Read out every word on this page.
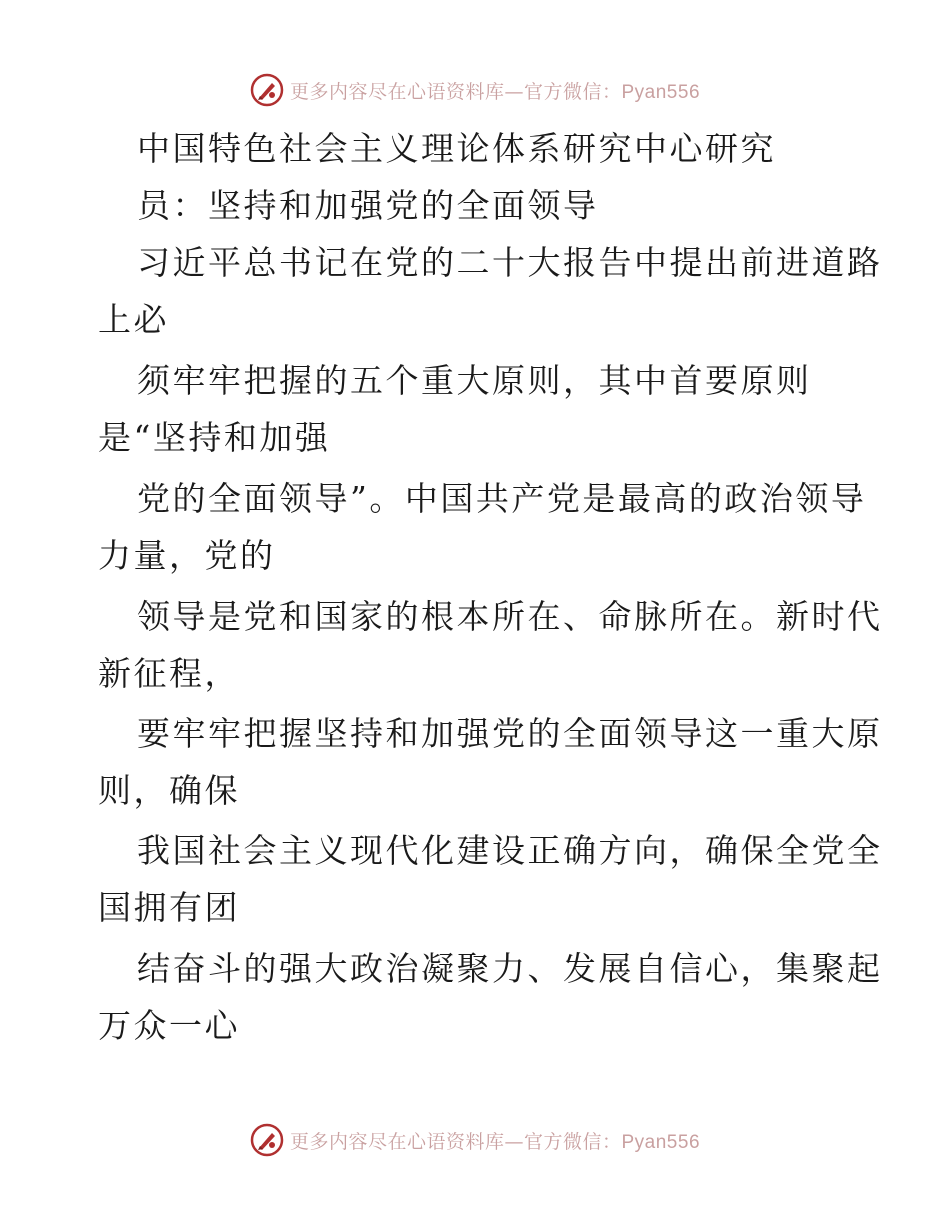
更多内容尽在心语资料库—官方微信：Pyan556
中国特色社会主义理论体系研究中心研究
员：坚持和加强党的全面领导
习近平总书记在党的二十大报告中提出前进道路
上必
须牢牢把握的五个重大原则，其中首要原则
是“坚持和加强
党的全面领导”。中国共产党是最高的政治领导
力量，党的
领导是党和国家的根本所在、命脉所在。新时代
新征程，
要牢牢把握坚持和加强党的全面领导这一重大原
则，确保
我国社会主义现代化建设正确方向，确保全党全
国拥有团
结奋斗的强大政治凝聚力、发展自信心，集聚起
万众一心
更多内容尽在心语资料库—官方微信：Pyan556
